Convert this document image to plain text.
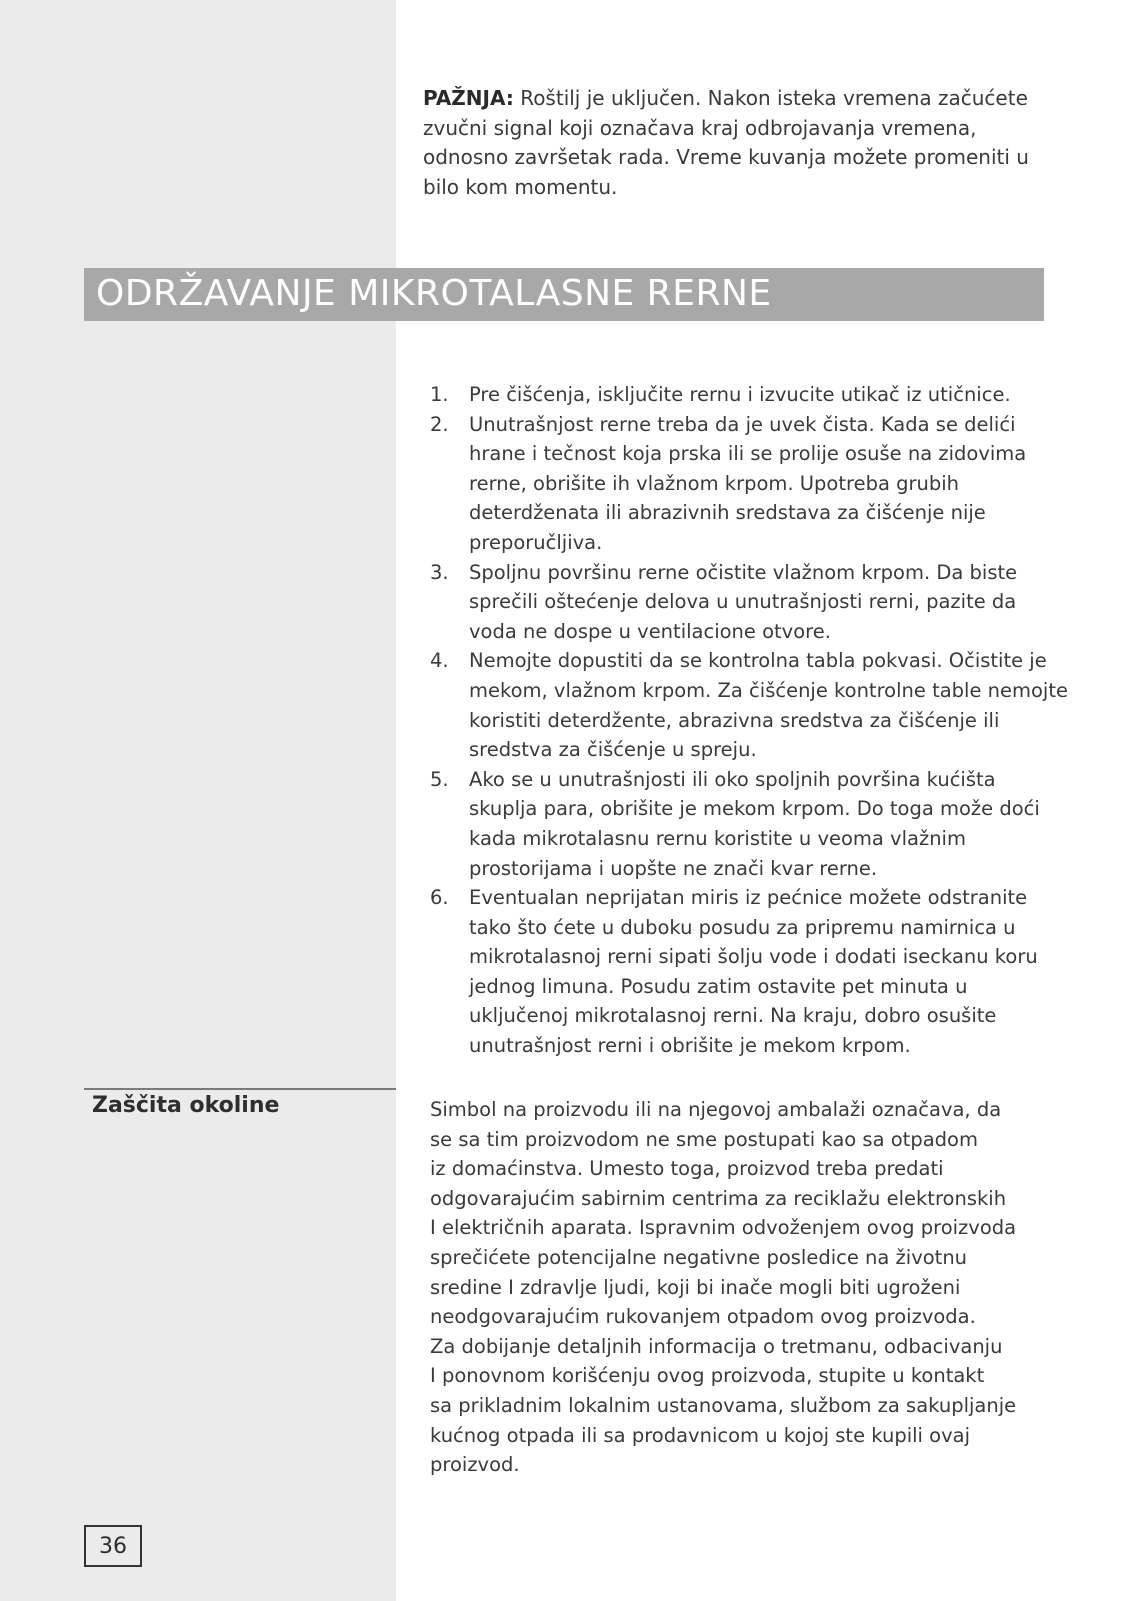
PAŽNJA: Roštilj je uključen. Nakon isteka vremena začućete zvučni signal koji označava kraj odbrojavanja vremena, odnosno završetak rada. Vreme kuvanja možete promeniti u bilo kom momentu.

ODRŽAVANJE MIKROTALASNE RERNE
1. Pre čišćenja, isključite rernu i izvucite utikač iz utičnice.
2. Unutrašnjost rerne treba da je uvek čista. Kada se delići hrane i tečnost koja prska ili se prolije osuše na zidovima rerne, obrišite ih vlažnom krpom. Upotreba grubih deterdženata ili abrazivnih sredstava za čišćenje nije preporučljiva.
3. Spoljnu površinu rerne očistite vlažnom krpom. Da biste sprečili oštećenje delova u unutrašnjosti rerni, pazite da voda ne dospe u ventilacione otvore.
4. Nemojte dopustiti da se kontrolna tabla pokvasi. Očistite je mekom, vlažnom krpom. Za čišćenje kontrolne table nemojte koristiti deterdžente, abrazivna sredstva za čišćenje ili sredstva za čišćenje u spreju.
5. Ako se u unutrašnjosti ili oko spoljnih površina kućišta skuplja para, obrišite je mekom krpom. Do toga može doći kada mikrotalasnu rernu koristite u veoma vlažnim prostorijama i uopšte ne znači kvar rerne.
6. Eventualan neprijatan miris iz pećnice možete odstranite tako što ćete u duboku posudu za pripremu namirnica u mikrotalasnoj rerni sipati šolju vode i dodati iseckanu koru jednog limuna. Posudu zatim ostavite pet minuta u uključenoj mikrotalasnoj rerni. Na kraju, dobro osušite unutrašnjost rerni i obrišite je mekom krpom.
Zaščita okoline	Simbol na proizvodu ili na njegovoj ambalaži označava, da
se sa tim proizvodom ne sme postupati kao sa otpadom
iz domaćinstva. Umesto toga, proizvod treba predati
odgovarajućim sabirnim centrima za reciklažu elektronskih
I električnih aparata. Ispravnim odvoženjem ovog proizvoda
sprečićete potencijalne negativne posledice na životnu
sredine I zdravlje ljudi, koji bi inače mogli biti ugroženi
neodgovarajućim rukovanjem otpadom ovog proizvoda.
Za dobijanje detaljnih informacija o tretmanu, odbacivanju
I ponovnom korišćenju ovog proizvoda, stupite u kontakt
sa prikladnim lokalnim ustanovama, službom za sakupljanje
kućnog otpada ili sa prodavnicom u kojoj ste kupili ovaj
proizvod.

36
